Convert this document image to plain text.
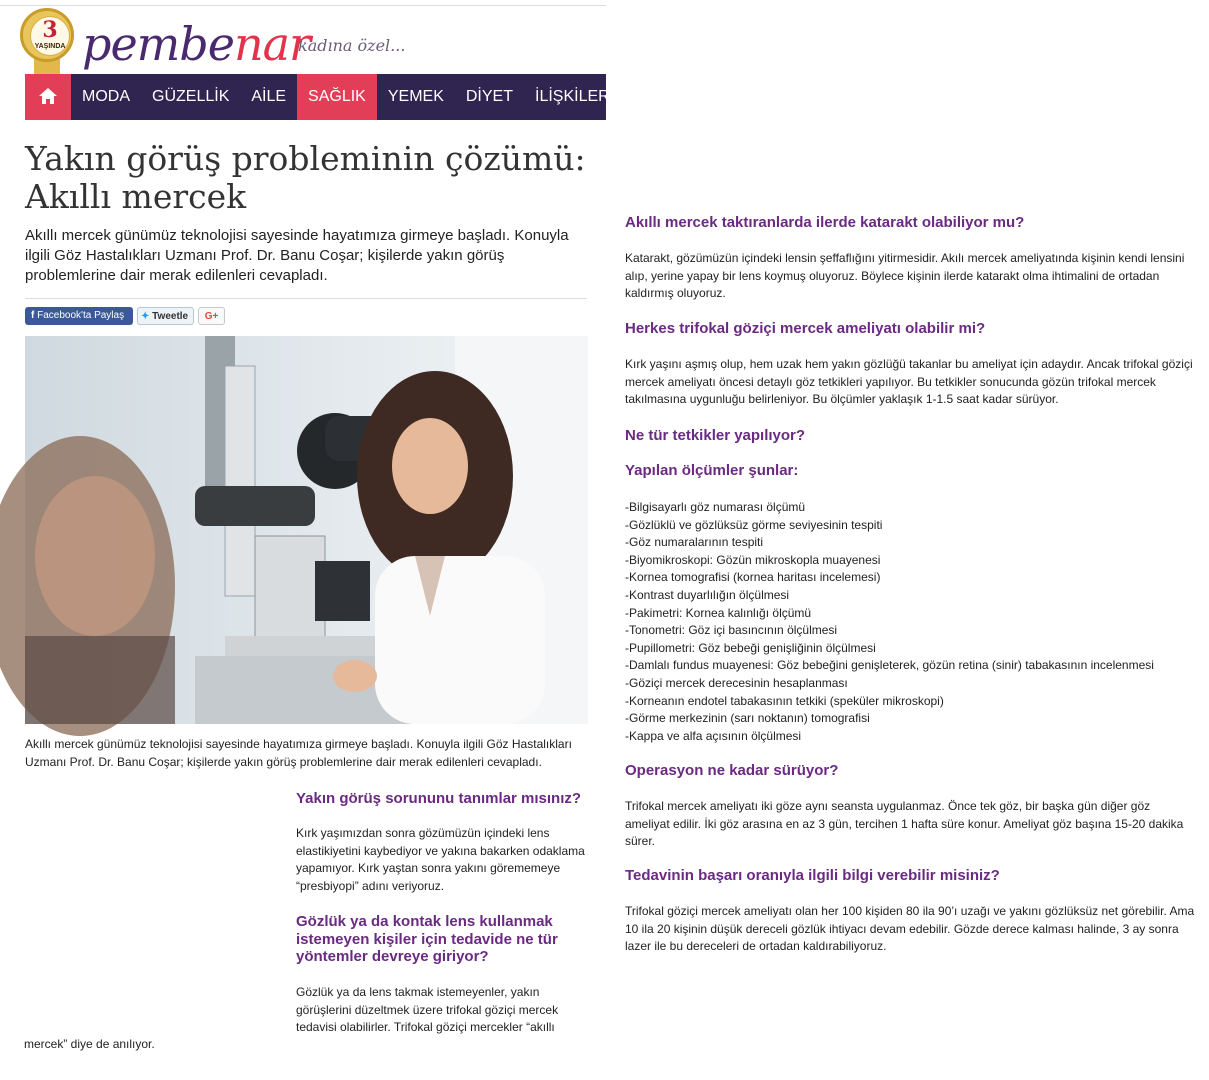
3
YAŞINDA pembenar
kadına özel...
MODA	GÜZELLİK	AİLE	SAĞLIK	YEMEK	DİYET	İLİŞKİLER	DEK
Yakın görüş probleminin çözümü: Akıllı mercek

Akıllı mercek günümüz teknolojisi sayesinde hayatımıza girmeye başladı. Konuyla ilgili Göz Hastalıkları Uzmanı Prof. Dr. Banu Coşar; kişilerde yakın görüş problemlerine dair merak edilenleri cevapladı.

f Facebook'ta Paylaş	✦ Tweetle	G+

Akıllı mercek günümüz teknolojisi sayesinde hayatımıza girmeye başladı. Konuyla ilgili Göz Hastalıkları Uzmanı Prof. Dr. Banu Coşar; kişilerde yakın görüş problemlerine dair merak edilenleri cevapladı.

Yakın görüş sorununu tanımlar mısınız?

Kırk yaşımızdan sonra gözümüzün içindeki lens elastikiyetini kaybediyor ve yakına bakarken odaklama yapamıyor. Kırk yaştan sonra yakını görememeye “presbiyopi” adını veriyoruz.

Gözlük ya da kontak lens kullanmak istemeyen kişiler için tedavide ne tür yöntemler devreye giriyor?

Gözlük ya da lens takmak istemeyenler, yakın görüşlerini düzeltmek üzere trifokal göziçi mercek tedavisi olabilirler. Trifokal göziçi mercekler “akıllı

mercek” diye de anılıyor.

Akıllı mercek taktıranlarda ilerde katarakt olabiliyor mu?

Katarakt, gözümüzün içindeki lensin şeffaflığını yitirmesidir. Akılı mercek ameliyatında kişinin kendi lensini alıp, yerine yapay bir lens koymuş oluyoruz. Böylece kişinin ilerde katarakt olma ihtimalini de ortadan kaldırmış oluyoruz.

Herkes trifokal göziçi mercek ameliyatı olabilir mi?

Kırk yaşını aşmış olup, hem uzak hem yakın gözlüğü takanlar bu ameliyat için adaydır. Ancak trifokal göziçi mercek ameliyatı öncesi detaylı göz tetkikleri yapılıyor. Bu tetkikler sonucunda gözün trifokal mercek takılmasına uygunluğu belirleniyor. Bu ölçümler yaklaşık 1-1.5 saat kadar sürüyor.

Ne tür tetkikler yapılıyor?
Yapılan ölçümler şunlar:
-Bilgisayarlı göz numarası ölçümü
-Gözlüklü ve gözlüksüz görme seviyesinin tespiti
-Göz numaralarının tespiti
-Biyomikroskopi: Gözün mikroskopla muayenesi
-Kornea tomografisi (kornea haritası incelemesi)
-Kontrast duyarlılığın ölçülmesi
-Pakimetri: Kornea kalınlığı ölçümü
-Tonometri: Göz içi basıncının ölçülmesi
-Pupillometri: Göz bebeği genişliğinin ölçülmesi
-Damlalı fundus muayenesi: Göz bebeğini genişleterek, gözün retina (sinir) tabakasının incelenmesi
-Göziçi mercek derecesinin hesaplanması
-Korneanın endotel tabakasının tetkiki (speküler mikroskopi)
-Görme merkezinin (sarı noktanın) tomografisi
-Kappa ve alfa açısının ölçülmesi
Operasyon ne kadar sürüyor?

Trifokal mercek ameliyatı iki göze aynı seansta uygulanmaz. Önce tek göz, bir başka gün diğer göz ameliyat edilir. İki göz arasına en az 3 gün, tercihen 1 hafta süre konur. Ameliyat göz başına 15-20 dakika sürer.

Tedavinin başarı oranıyla ilgili bilgi verebilir misiniz?

Trifokal göziçi mercek ameliyatı olan her 100 kişiden 80 ila 90’ı uzağı ve yakını gözlüksüz net görebilir. Ama 10 ila 20 kişinin düşük dereceli gözlük ihtiyacı devam edebilir. Gözde derece kalması halinde, 3 ay sonra lazer ile bu dereceleri de ortadan kaldırabiliyoruz.
